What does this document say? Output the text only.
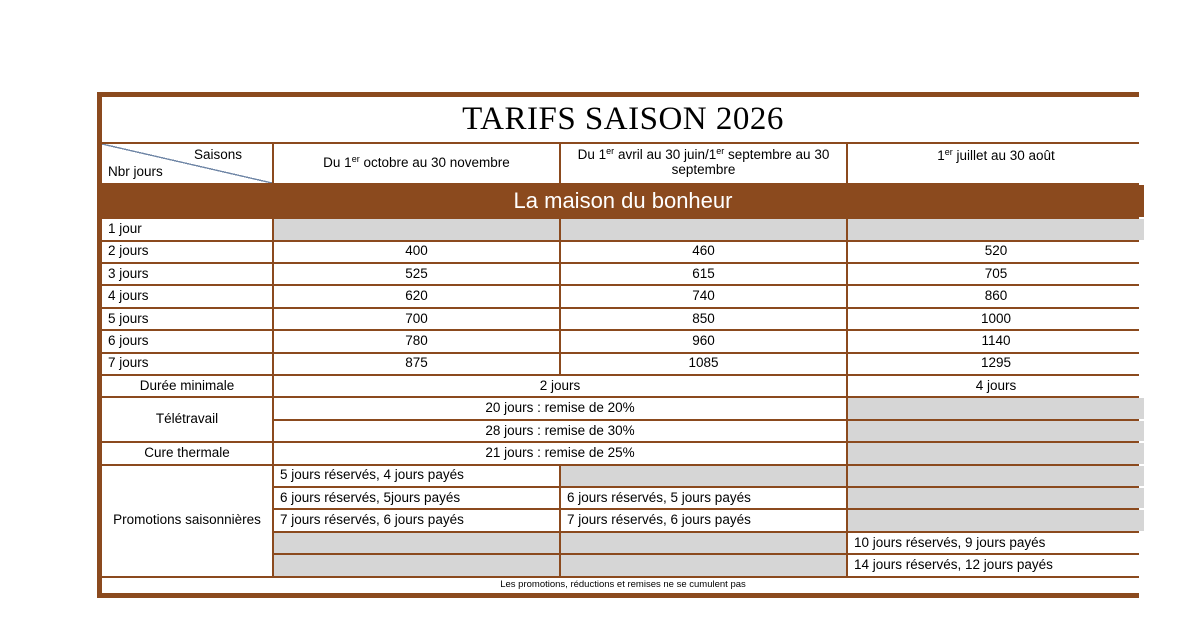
TARIFS SAISON 2026			

Saisons
Nbr jours	Du 1er octobre au 30 novembre	Du 1er avril au 30 juin/1er septembre au 30 septembre	1er juillet au 30 août
La maison du bonheur			
1 jour			
2 jours	400	460	520
3 jours	525	615	705
4 jours	620	740	860
5 jours	700	850	1000
6 jours	780	960	1140
7 jours	875	1085	1295
Durée minimale	2 jours		4 jours
Télétravail	20 jours : remise de 20%		
	28 jours : remise de 30%		
Cure thermale	21 jours : remise de 25%		
Promotions saisonnières	5 jours réservés, 4 jours payés		
	6 jours réservés, 5jours payés	6 jours réservés, 5 jours payés	
	7 jours réservés, 6 jours payés	7 jours réservés, 6 jours payés	
			10 jours réservés, 9 jours payés
			14 jours réservés, 12 jours payés
Les promotions, réductions et remises ne se cumulent pas			
